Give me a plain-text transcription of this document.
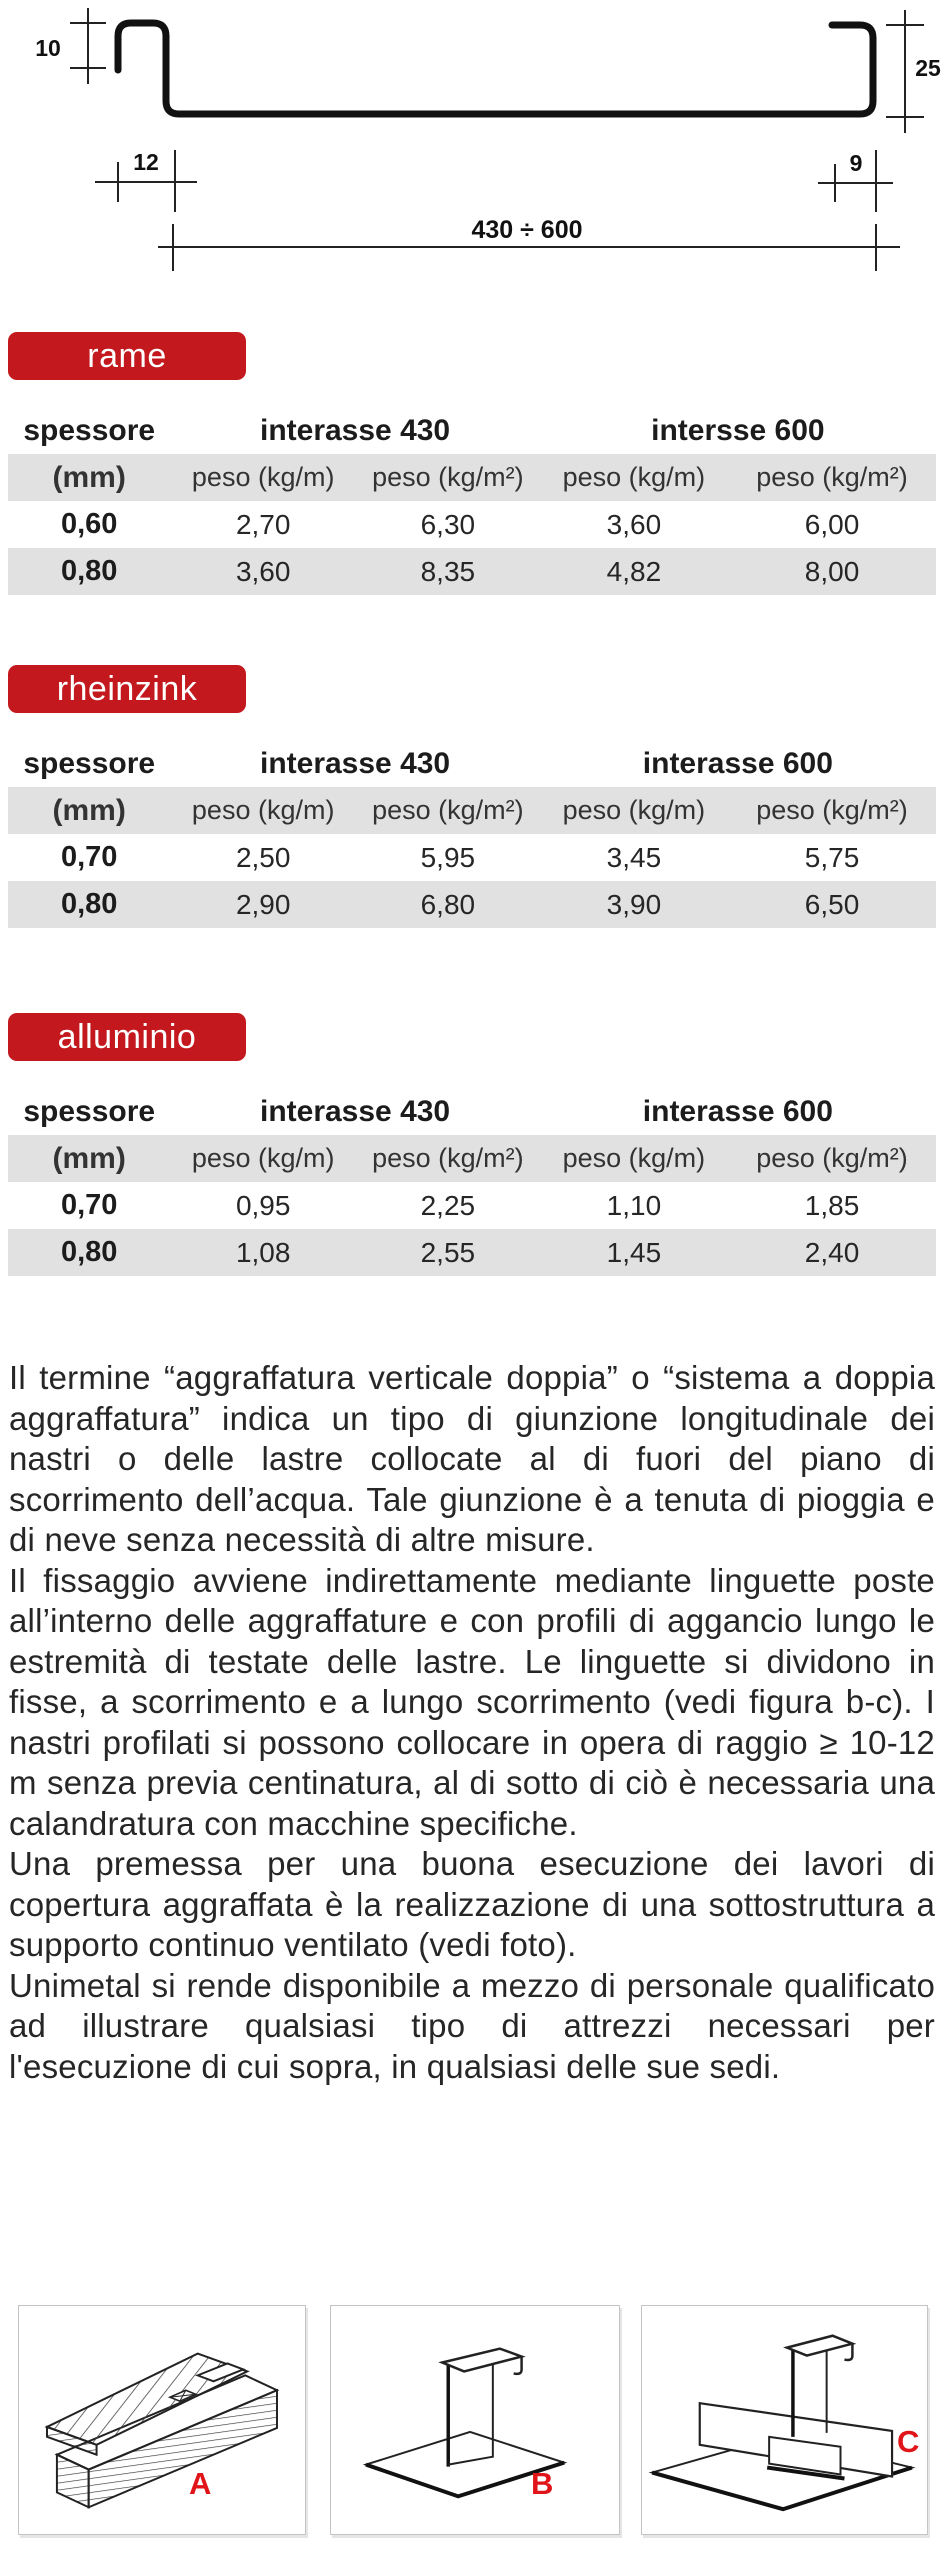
10
25
12	9
430 ÷ 600
rame
spessore	interasse 430	intersse 600
(mm)	peso (kg/m)	peso (kg/m²)	peso (kg/m)	peso (kg/m²)
0,60	2,70	6,30	3,60	6,00
0,80	3,60	8,35	4,82	8,00
rheinzink
spessore	interasse 430	interasse 600
(mm)	peso (kg/m)	peso (kg/m²)	peso (kg/m)	peso (kg/m²)
0,70	2,50	5,95	3,45	5,75
0,80	2,90	6,80	3,90	6,50
alluminio
spessore	interasse 430	interasse 600
(mm)	peso (kg/m)	peso (kg/m²)	peso (kg/m)	peso (kg/m²)
0,70	0,95	2,25	1,10	1,85
0,80	1,08	2,55	1,45	2,40

Il termine “aggraffatura verticale doppia” o “sistema a doppia aggraffatura” indica un tipo di giunzione longitudinale dei nastri o delle lastre collocate al di fuori del piano di scorrimento dell’acqua. Tale giunzione è a tenuta di pioggia e di neve senza necessità di altre misure.

Il fissaggio avviene indirettamente mediante linguette poste all’interno delle aggraffature e con profili di aggancio lungo le estremità di testate delle lastre. Le linguette si dividono in fisse, a scorrimento e a lungo scorrimento (vedi figura b-c). I nastri profilati si possono collocare in opera di raggio ≥ 10-12 m senza previa centinatura, al di sotto di ciò è necessaria una calandratura con macchine specifiche.

Una premessa per una buona esecuzione dei lavori di copertura aggraffata è la realizzazione di una sottostruttura a supporto continuo ventilato (vedi foto).

Unimetal si rende disponibile a mezzo di personale qualificato ad illustrare qualsiasi tipo di attrezzi necessari per l'esecuzione di cui sopra, in qualsiasi delle sue sedi.

A	B
C
